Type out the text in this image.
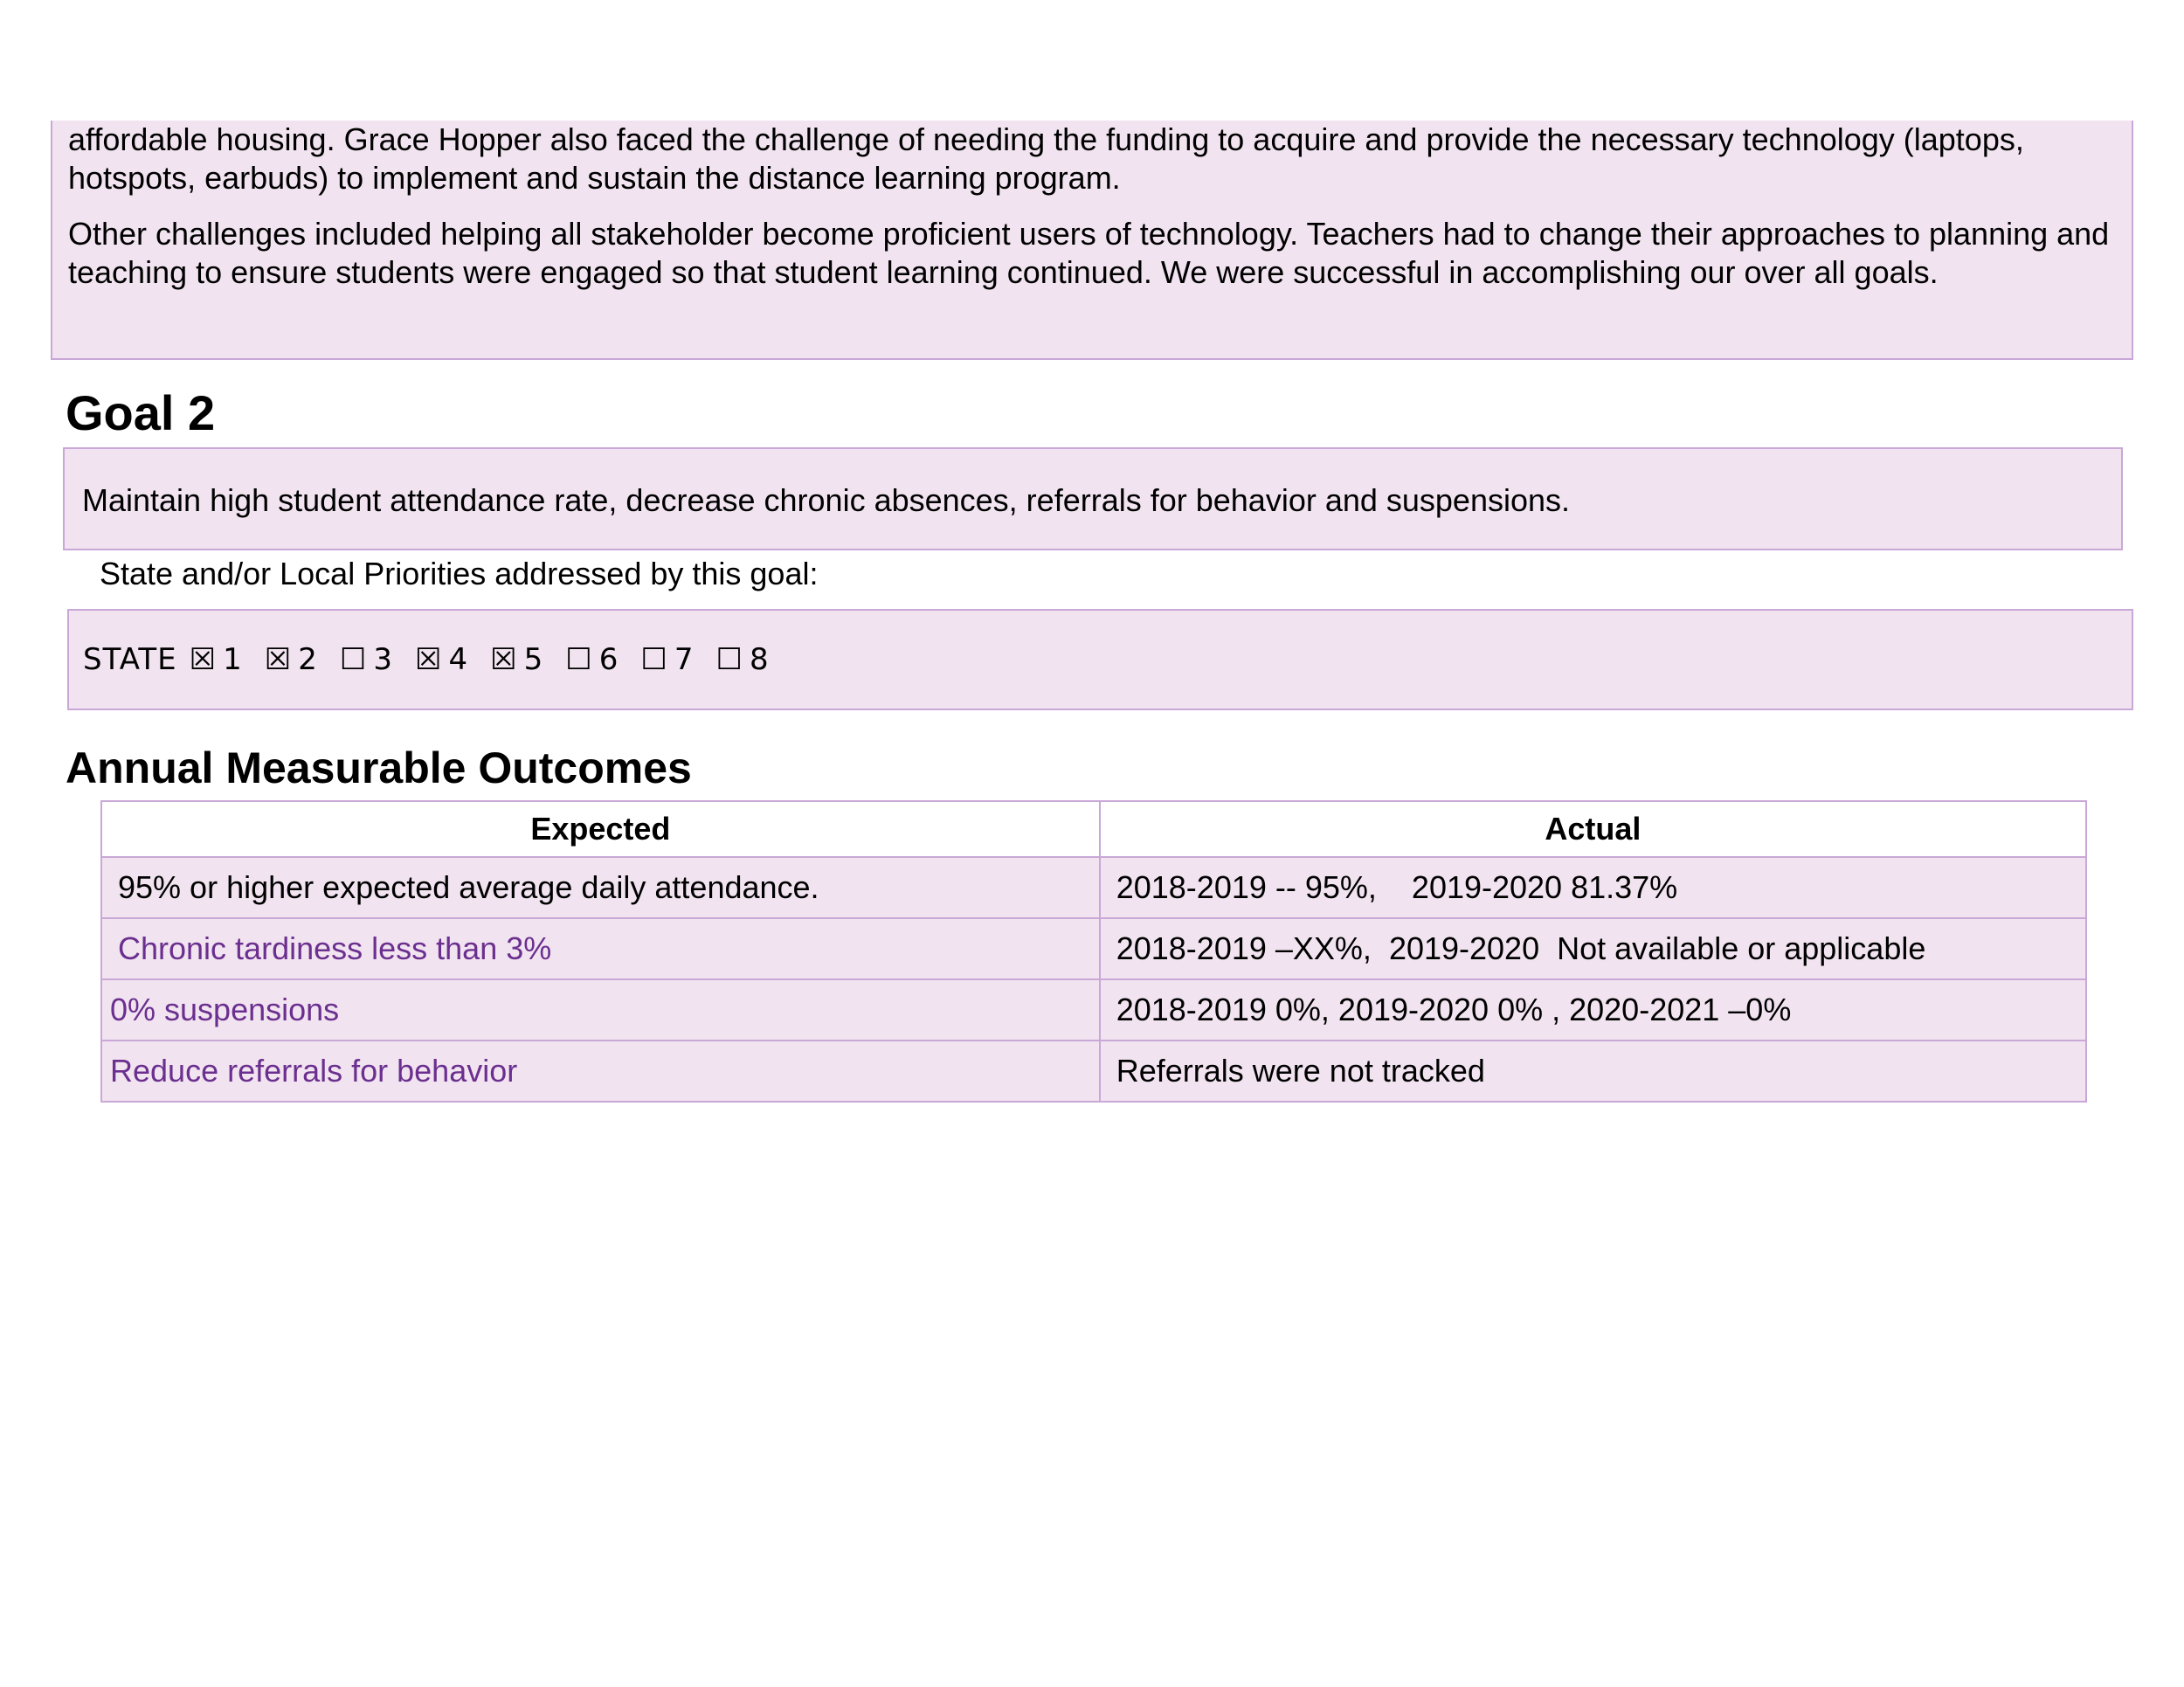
affordable housing. Grace Hopper also faced the challenge of needing the funding to acquire and provide the necessary technology (laptops, hotspots, earbuds) to implement and sustain the distance learning program.

Other challenges included helping all stakeholder become proficient users of technology. Teachers had to change their approaches to planning and teaching to ensure students were engaged so that student learning continued. We were successful in accomplishing our over all goals.

Goal 2
Maintain high student attendance rate, decrease chronic absences, referrals for behavior and suspensions.
State and/or Local Priorities addressed by this goal:
STATE ☒ 1 ☒ 2 ☐ 3 ☒ 4 ☒ 5 ☐ 6 ☐ 7 ☐ 8
Annual Measurable Outcomes
Expected	Actual
95% or higher expected average daily attendance.	2018-2019 -- 95%,    2019-2020 81.37%
Chronic tardiness less than 3%	2018-2019 –XX%,  2019-2020  Not available or applicable
0% suspensions	2018-2019 0%, 2019-2020 0% , 2020-2021 –0%
Reduce referrals for behavior	Referrals were not tracked
